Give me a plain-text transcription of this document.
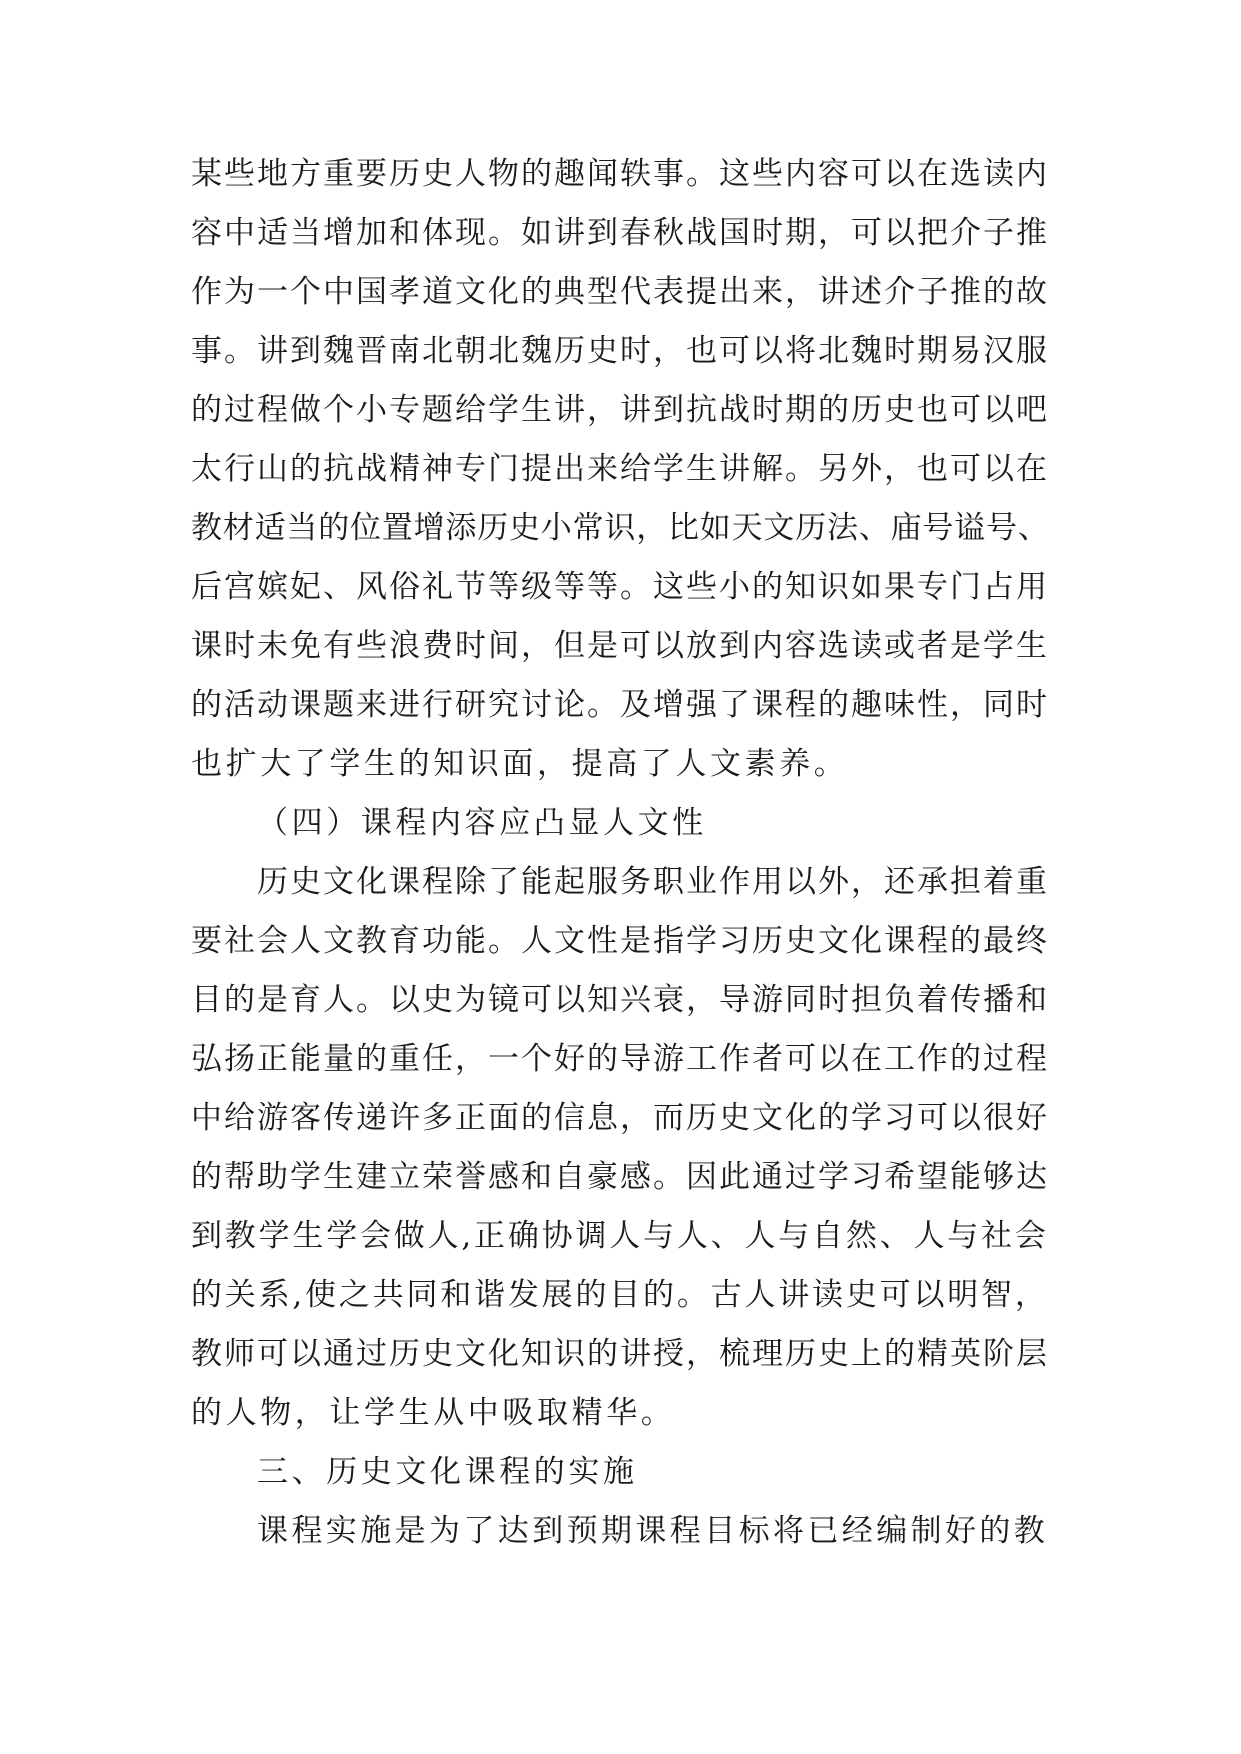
某些地方重要历史人物的趣闻轶事。这些内容可以在选读内
容中适当增加和体现。如讲到春秋战国时期，可以把介子推
作为一个中国孝道文化的典型代表提出来，讲述介子推的故
事。讲到魏晋南北朝北魏历史时，也可以将北魏时期易汉服
的过程做个小专题给学生讲，讲到抗战时期的历史也可以吧
太行山的抗战精神专门提出来给学生讲解。另外，也可以在
教材适当的位置增添历史小常识，比如天文历法、庙号谥号、
后宫嫔妃、风俗礼节等级等等。这些小的知识如果专门占用
课时未免有些浪费时间，但是可以放到内容选读或者是学生
的活动课题来进行研究讨论。及增强了课程的趣味性，同时
也扩大了学生的知识面，提高了人文素养。
（四）课程内容应凸显人文性
历史文化课程除了能起服务职业作用以外，还承担着重
要社会人文教育功能。人文性是指学习历史文化课程的最终
目的是育人。以史为镜可以知兴衰，导游同时担负着传播和
弘扬正能量的重任，一个好的导游工作者可以在工作的过程
中给游客传递许多正面的信息，而历史文化的学习可以很好
的帮助学生建立荣誉感和自豪感。因此通过学习希望能够达
到教学生学会做人,正确协调人与人、人与自然、人与社会
的关系,使之共同和谐发展的目的。古人讲读史可以明智，
教师可以通过历史文化知识的讲授，梳理历史上的精英阶层
的人物，让学生从中吸取精华。
三、历史文化课程的实施
课程实施是为了达到预期课程目标将已经编制好的教
